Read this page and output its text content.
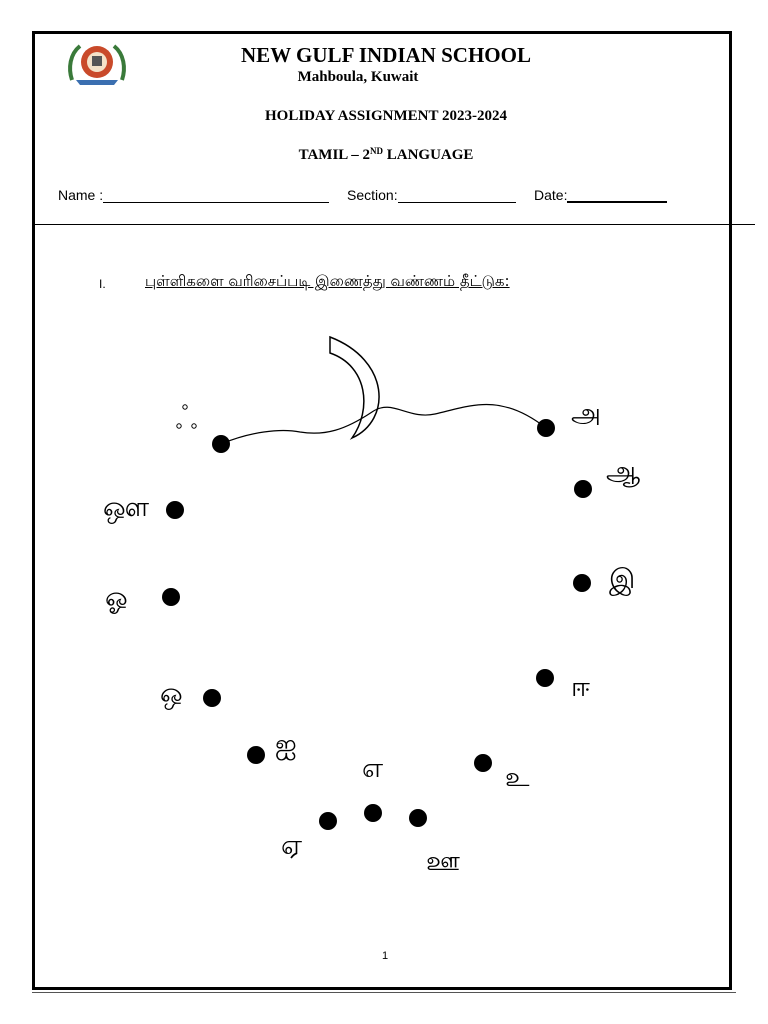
NEW GULF INDIAN SCHOOL
Mahboula, Kuwait
HOLIDAY ASSIGNMENT 2023-2024
TAMIL – 2ND LANGUAGE
Name :	Section:	Date:
I.	புள்ளிகளை வரிசைப்படி இணைத்து வண்ணம் தீட்டுக:
அ
ஆ
இ
ஈ
உ
ஊ
எ
ஏ
ஐ
ஒ
ஓ
ஔ
1
